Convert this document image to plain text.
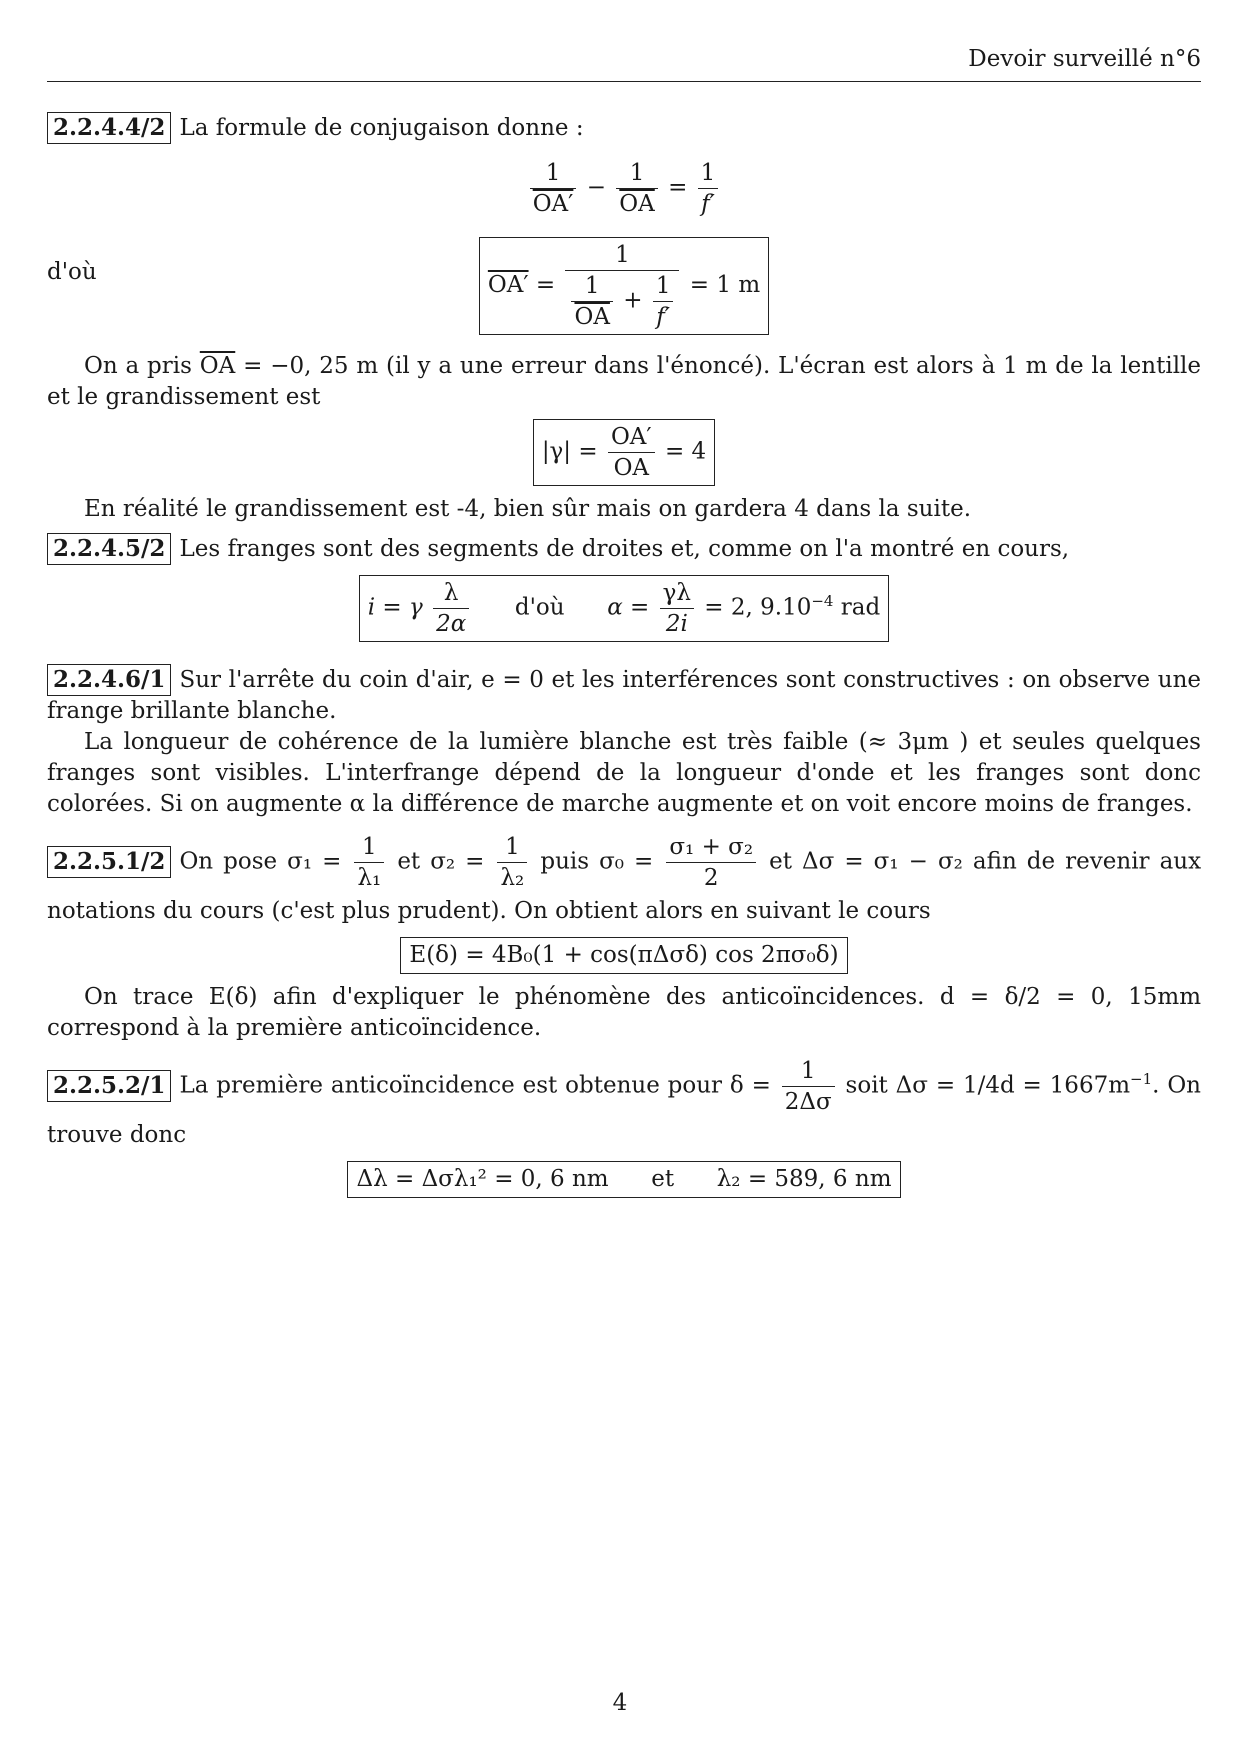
Devoir surveillé n°6

2.2.4.4/2 La formule de conjugaison donne :

$\frac{1}{OA'} - \frac{1}{OA} = \frac{1}{f'}$
d'où	$OA' = \frac{1}{\frac{1}{OA} + \frac{1}{f'}} = 1$ m

On a pris $\overline{OA} = -0$, 25 m (il y a une erreur dans l'énoncé). L'écran est alors à 1 m de la lentille et le grandissement est

$|\gamma| = \frac{OA'}{OA} = 4$

En réalité le grandissement est -4, bien sûr mais on gardera 4 dans la suite.

2.2.4.5/2 Les franges sont des segments de droites et, comme on l'a montré en cours,

i = γ $\frac{\lambda}{2\alpha}$ d'où $\alpha = \frac{\gamma\lambda}{2i} = 2$, $9.10^{-4}$ rad

2.2.4.6/1 Sur l'arrête du coin d'air, e = 0 et les interférences sont constructives : on observe une frange brillante blanche.

La longueur de cohérence de la lumière blanche est très faible (≈ 3μm ) et seules quelques franges sont visibles. L'interfrange dépend de la longueur d'onde et les franges sont donc colorées. Si on augmente α la différence de marche augmente et on voit encore moins de franges.

2.2.5.1/2 On pose $\sigma_1 = \frac{1}{\text{λ₁}}$ et $\sigma_2 = \frac{1}{\text{λ₂}}$ puis $\sigma_0 = \frac{\text{σ₁ + σ₂}}{2}$ et Δσ = σ₁ − σ₂ afin de revenir aux notations du cours (c'est plus prudent). On obtient alors en suivant le cours

E(δ) = 4B₀(1 + cos(πΔσδ) cos 2πσ₀δ)

On trace E(δ) afin d'expliquer le phénomène des anticoïncidences. d = δ/2 = 0, 15mm correspond à la première anticoïncidence.

2.2.5.2/1 La première anticoïncidence est obtenue pour $\delta = \frac{1}{2\Delta\sigma}$ soit $\Delta\sigma = 1/4d = 1667m^{-1}$. On trouve donc

Δλ = Δσλ₁² = 0, 6 nm et λ₂ = 589, 6 nm
4
